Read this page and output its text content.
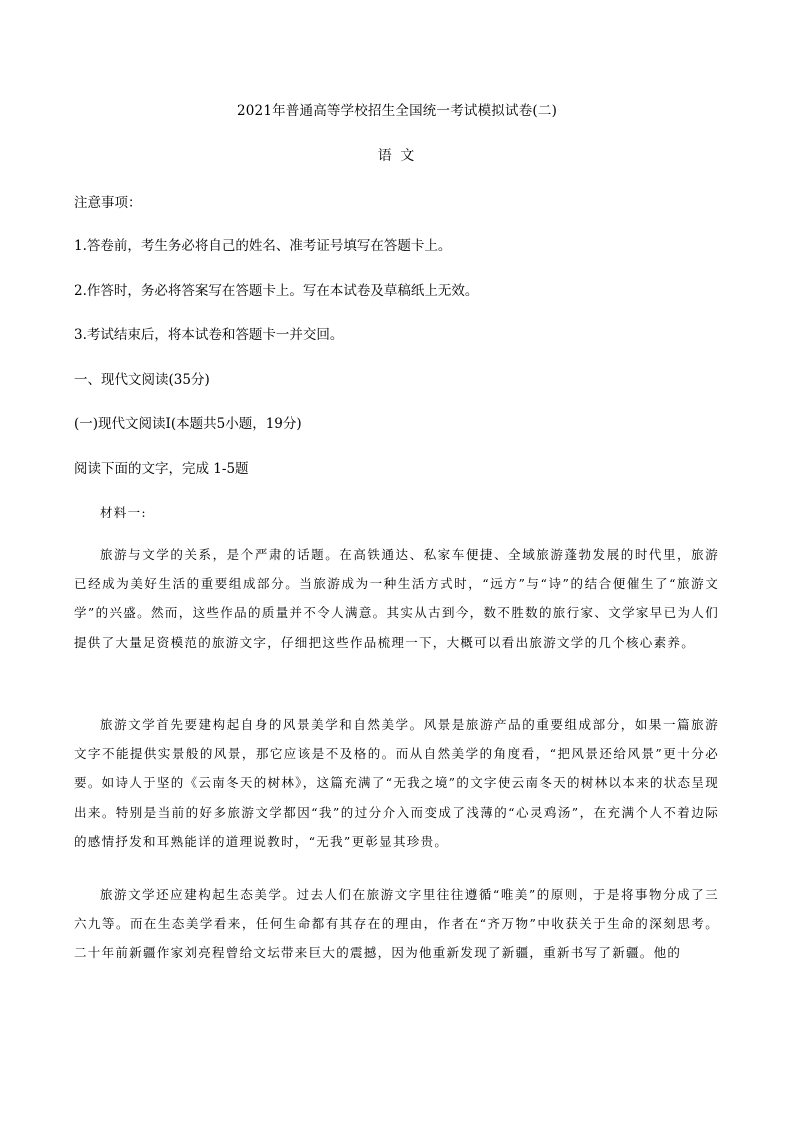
2021年普通高等学校招生全国统一考试模拟试卷(二)
语 文
注意事项：
1.答卷前，考生务必将自己的姓名、准考证号填写在答题卡上。
2.作答时，务必将答案写在答题卡上。写在本试卷及草稿纸上无效。
3.考试结束后，将本试卷和答题卡一并交回。
一、现代文阅读(35分)
(一)现代文阅读Ⅰ(本题共5小题，19分)
阅读下面的文字，完成 1-5题
材料一:

旅游与文学的关系，是个严肃的话题。在高铁通达、私家车便捷、全域旅游蓬勃发展的时代里，旅游已经成为美好生活的重要组成部分。当旅游成为一种生活方式时，“远方”与“诗”的结合便催生了“旅游文学”的兴盛。然而，这些作品的质量并不令人满意。其实从古到今，数不胜数的旅行家、文学家早已为人们提供了大量足资模范的旅游文字，仔细把这些作品梳理一下，大概可以看出旅游文学的几个核心素养。

旅游文学首先要建构起自身的风景美学和自然美学。风景是旅游产品的重要组成部分，如果一篇旅游文字不能提供实景般的风景，那它应该是不及格的。而从自然美学的角度看，“把风景还给风景”更十分必要。如诗人于坚的《云南冬天的树林》，这篇充满了“无我之境”的文字使云南冬天的树林以本来的状态呈现出来。特别是当前的好多旅游文学都因“我”的过分介入而变成了浅薄的“心灵鸡汤”，在充满个人不着边际的感情抒发和耳熟能详的道理说教时，“无我”更彰显其珍贵。

旅游文学还应建构起生态美学。过去人们在旅游文字里往往遵循“唯美”的原则，于是将事物分成了三六九等。而在生态美学看来，任何生命都有其存在的理由，作者在“齐万物”中收获关于生命的深刻思考。二十年前新疆作家刘亮程曾给文坛带来巨大的震撼，因为他重新发现了新疆，重新书写了新疆。他的
